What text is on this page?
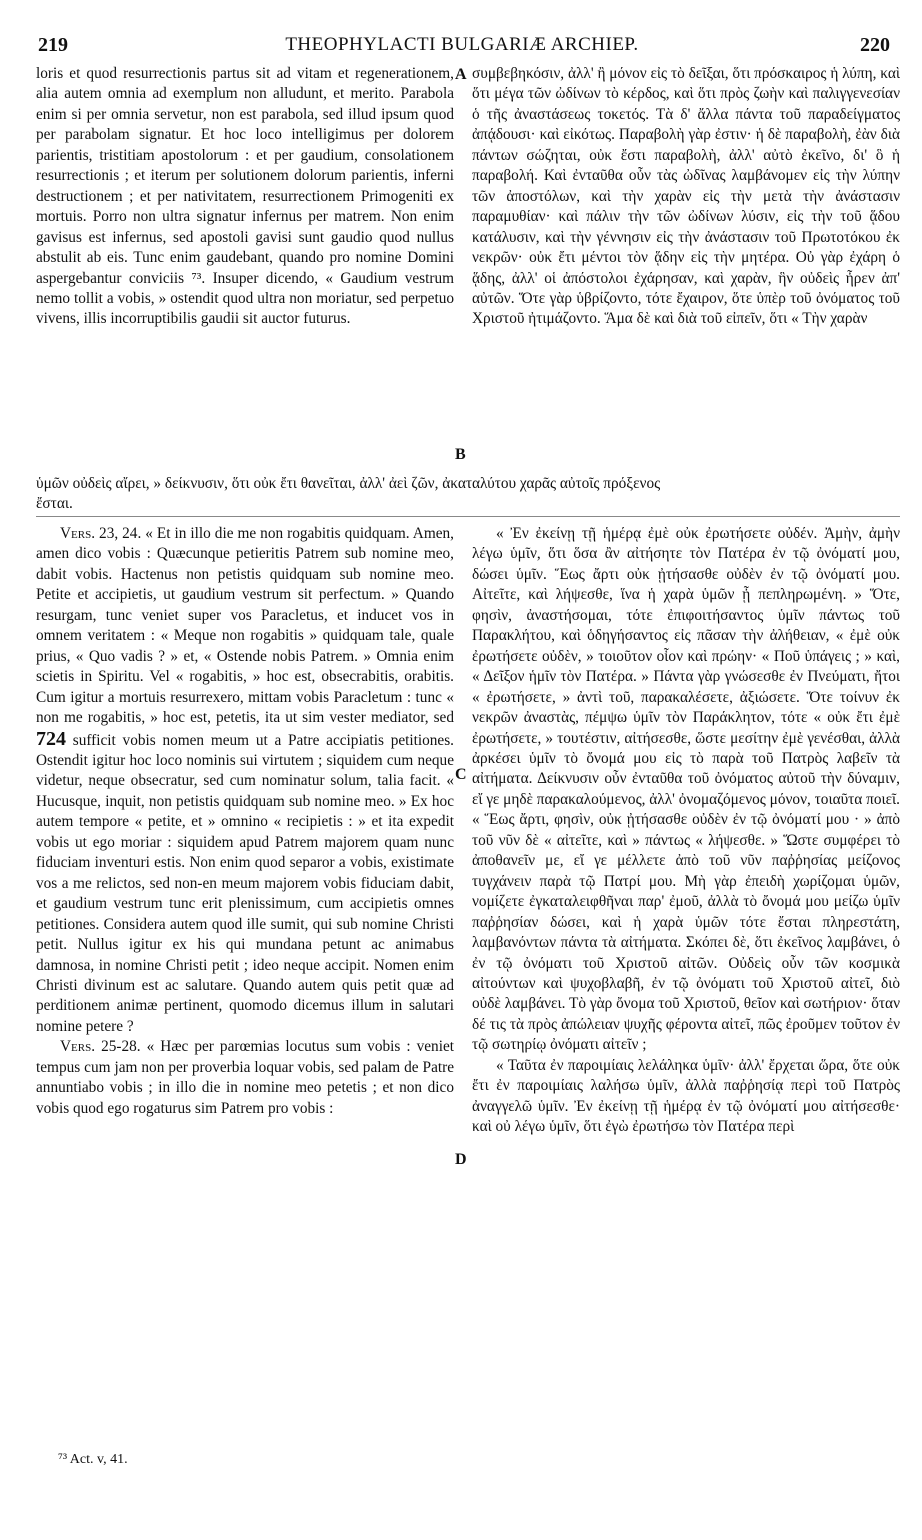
219	THEOPHYLACTI BULGARIÆ ARCHIEP.	220

loris et quod resurrectionis partus sit ad vitam et regenerationem, alia autem omnia ad exemplum non alludunt, et merito. Parabola enim si per omnia servetur, non est parabola, sed illud ipsum quod per parabolam signatur. Et hoc loco intelligimus per dolorem parientis, tristitiam apostolorum : et per gaudium, consolationem resurrectionis ; et iterum per solutionem dolorum parientis, inferni destructionem ; et per nativitatem, resurrectionem Primogeniti ex mortuis. Porro non ultra signatur infernus per matrem. Non enim gavisus est infernus, sed apostoli gavisi sunt gaudio quod nullus abstulit ab eis. Tunc enim gaudebant, quando pro nomine Domini aspergebantur conviciis ⁷³. Insuper dicendo, « Gaudium vestrum nemo tollit a vobis, » ostendit quod ultra non moriatur, sed perpetuo vivens, illis incorruptibilis gaudii sit auctor futurus.

συμβεβηκόσιν, ἀλλ' ἢ μόνον εἰς τὸ δεῖξαι, ὅτι πρόσκαιρος ἡ λύπη, καὶ ὅτι μέγα τῶν ὠδίνων τὸ κέρδος, καὶ ὅτι πρὸς ζωὴν καὶ παλιγγενεσίαν ὁ τῆς ἀναστάσεως τοκετός. Τὰ δ' ἄλλα πάντα τοῦ παραδείγματος ἀπᾴδουσι· καὶ εἰκότως. Παραβολὴ γὰρ ἐστιν· ἡ δὲ παραβολὴ, ἐὰν διὰ πάντων σώζηται, οὐκ ἔστι παραβολὴ, ἀλλ' αὐτὸ ἐκεῖνο, δι' ὃ ἡ παραβολή. Καὶ ἐνταῦθα οὖν τὰς ὠδῖνας λαμβάνομεν εἰς τὴν λύπην τῶν ἀποστόλων, καὶ τὴν χαρὰν εἰς τὴν μετὰ τὴν ἀνάστασιν παραμυθίαν· καὶ πάλιν τὴν τῶν ὠδίνων λύσιν, εἰς τὴν τοῦ ᾅδου κατάλυσιν, καὶ τὴν γέννησιν εἰς τὴν ἀνάστασιν τοῦ Πρωτοτόκου ἐκ νεκρῶν· οὐκ ἔτι μέντοι τὸν ᾅδην εἰς τὴν μητέρα. Οὐ γὰρ ἐχάρη ὁ ᾅδης, ἀλλ' οἱ ἀπόστολοι ἐχάρησαν, καὶ χαρὰν, ἣν οὐδεὶς ἦρεν ἀπ' αὐτῶν. Ὅτε γὰρ ὑβρίζοντο, τότε ἔχαιρον, ὅτε ὑπὲρ τοῦ ὀνόματος τοῦ Χριστοῦ ἠτιμάζοντο. Ἅμα δὲ καὶ διὰ τοῦ εἰπεῖν, ὅτι « Τὴν χαρὰν

A
B
ὑμῶν οὐδεὶς αἴρει, » δείκνυσιν, ὅτι οὐκ ἔτι θανεῖται, ἀλλ' ἀεὶ ζῶν, ἀκαταλύτου χαρᾶς αὐτοῖς πρόξενος
ἔσται.

Vers. 23, 24. « Et in illo die me non rogabitis quidquam. Amen, amen dico vobis : Quæcunque petieritis Patrem sub nomine meo, dabit vobis. Hactenus non petistis quidquam sub nomine meo. Petite et accipietis, ut gaudium vestrum sit perfectum. » Quando resurgam, tunc veniet super vos Paracletus, et inducet vos in omnem veritatem : « Meque non rogabitis » quidquam tale, quale prius, « Quo vadis ? » et, « Ostende nobis Patrem. » Omnia enim scietis in Spiritu. Vel « rogabitis, » hoc est, obsecrabitis, orabitis. Cum igitur a mortuis resurrexero, mittam vobis Paracletum : tunc « non me rogabitis, » hoc est, petetis, ita ut sim vester mediator, sed 724 sufficit vobis nomen meum ut a Patre accipiatis petitiones. Ostendit igitur hoc loco nominis sui virtutem ; siquidem cum neque videtur, neque obsecratur, sed cum nominatur solum, talia facit. « Hucusque, inquit, non petistis quidquam sub nomine meo. » Ex hoc autem tempore « petite, et » omnino « recipietis : » et ita expedit vobis ut ego moriar : siquidem apud Patrem majorem quam nunc fiduciam inventuri estis. Non enim quod separor a vobis, existimate vos a me relictos, sed non-en meum majorem vobis fiduciam dabit, et gaudium vestrum tunc erit plenissimum, cum accipietis omnes petitiones. Considera autem quod ille sumit, qui sub nomine Christi petit. Nullus igitur ex his qui mundana petunt ac animabus damnosa, in nomine Christi petit ; ideo neque accipit. Nomen enim Christi divinum est ac salutare. Quando autem quis petit quæ ad perditionem animæ pertinent, quomodo dicemus illum in salutari nomine petere ?

Vers. 25-28. « Hæc per parœmias locutus sum vobis : veniet tempus cum jam non per proverbia loquar vobis, sed palam de Patre annuntiabo vobis ; in illo die in nomine meo petetis ; et non dico vobis quod ego rogaturus sim Patrem pro vobis :

« Ἐν ἐκείνῃ τῇ ἡμέρᾳ ἐμὲ οὐκ ἐρωτήσετε οὐδέν. Ἀμὴν, ἀμὴν λέγω ὑμῖν, ὅτι ὅσα ἂν αἰτήσητε τὸν Πατέρα ἐν τῷ ὀνόματί μου, δώσει ὑμῖν. Ἕως ἄρτι οὐκ ᾐτήσασθε οὐδὲν ἐν τῷ ὀνόματί μου. Αἰτεῖτε, καὶ λήψεσθε, ἵνα ἡ χαρὰ ὑμῶν ᾖ πεπληρωμένη. » Ὅτε, φησὶν, ἀναστήσομαι, τότε ἐπιφοιτήσαντος ὑμῖν πάντως τοῦ Παρακλήτου, καὶ ὁδηγήσαντος εἰς πᾶσαν τὴν ἀλήθειαν, « ἐμὲ οὐκ ἐρωτήσετε οὐδὲν, » τοιοῦτον οἷον καὶ πρώην· « Ποῦ ὑπάγεις ; » καὶ, « Δεῖξον ἡμῖν τὸν Πατέρα. » Πάντα γὰρ γνώσεσθε ἐν Πνεύματι, ἤτοι « ἐρωτήσετε, » ἀντὶ τοῦ, παρακαλέσετε, ἀξιώσετε. Ὅτε τοίνυν ἐκ νεκρῶν ἀναστὰς, πέμψω ὑμῖν τὸν Παράκλητον, τότε « οὐκ ἔτι ἐμὲ ἐρωτήσετε, » τουτέστιν, αἰτήσεσθε, ὥστε μεσίτην ἐμὲ γενέσθαι, ἀλλὰ ἀρκέσει ὑμῖν τὸ ὄνομά μου εἰς τὸ παρὰ τοῦ Πατρὸς λαβεῖν τὰ αἰτήματα. Δείκνυσιν οὖν ἐνταῦθα τοῦ ὀνόματος αὐτοῦ τὴν δύναμιν, εἴ γε μηδὲ παρακαλούμενος, ἀλλ' ὀνομαζόμενος μόνον, τοιαῦτα ποιεῖ. « Ἕως ἄρτι, φησὶν, οὐκ ᾐτήσασθε οὐδὲν ἐν τῷ ὀνόματί μου · » ἀπὸ τοῦ νῦν δὲ « αἰτεῖτε, καὶ » πάντως « λήψεσθε. » Ὥστε συμφέρει τὸ ἀποθανεῖν με, εἴ γε μέλλετε ἀπὸ τοῦ νῦν παῤῥησίας μείζονος τυγχάνειν παρὰ τῷ Πατρί μου. Μὴ γὰρ ἐπειδὴ χωρίζομαι ὑμῶν, νομίζετε ἐγκαταλειφθῆναι παρ' ἐμοῦ, ἀλλὰ τὸ ὄνομά μου μείζω ὑμῖν παῤῥησίαν δώσει, καὶ ἡ χαρὰ ὑμῶν τότε ἔσται πληρεστάτη, λαμβανόντων πάντα τὰ αἰτήματα. Σκόπει δὲ, ὅτι ἐκεῖνος λαμβάνει, ὁ ἐν τῷ ὀνόματι τοῦ Χριστοῦ αἰτῶν. Οὐδεὶς οὖν τῶν κοσμικὰ αἰτούντων καὶ ψυχοβλαβῆ, ἐν τῷ ὀνόματι τοῦ Χριστοῦ αἰτεῖ, διὸ οὐδὲ λαμβάνει. Τὸ γὰρ ὄνομα τοῦ Χριστοῦ, θεῖον καὶ σωτήριον· ὅταν δέ τις τὰ πρὸς ἀπώλειαν ψυχῆς φέροντα αἰτεῖ, πῶς ἐροῦμεν τοῦτον ἐν τῷ σωτηρίῳ ὀνόματι αἰτεῖν ;

« Ταῦτα ἐν παροιμίαις λελάληκα ὑμῖν· ἀλλ' ἔρχεται ὥρα, ὅτε οὐκ ἔτι ἐν παροιμίαις λαλήσω ὑμῖν, ἀλλὰ παῤῥησίᾳ περὶ τοῦ Πατρὸς ἀναγγελῶ ὑμῖν. Ἐν ἐκείνῃ τῇ ἡμέρᾳ ἐν τῷ ὀνόματί μου αἰτήσεσθε· καὶ οὐ λέγω ὑμῖν, ὅτι ἐγὼ ἐρωτήσω τὸν Πατέρα περὶ

C
D
⁷³ Act. v, 41.
